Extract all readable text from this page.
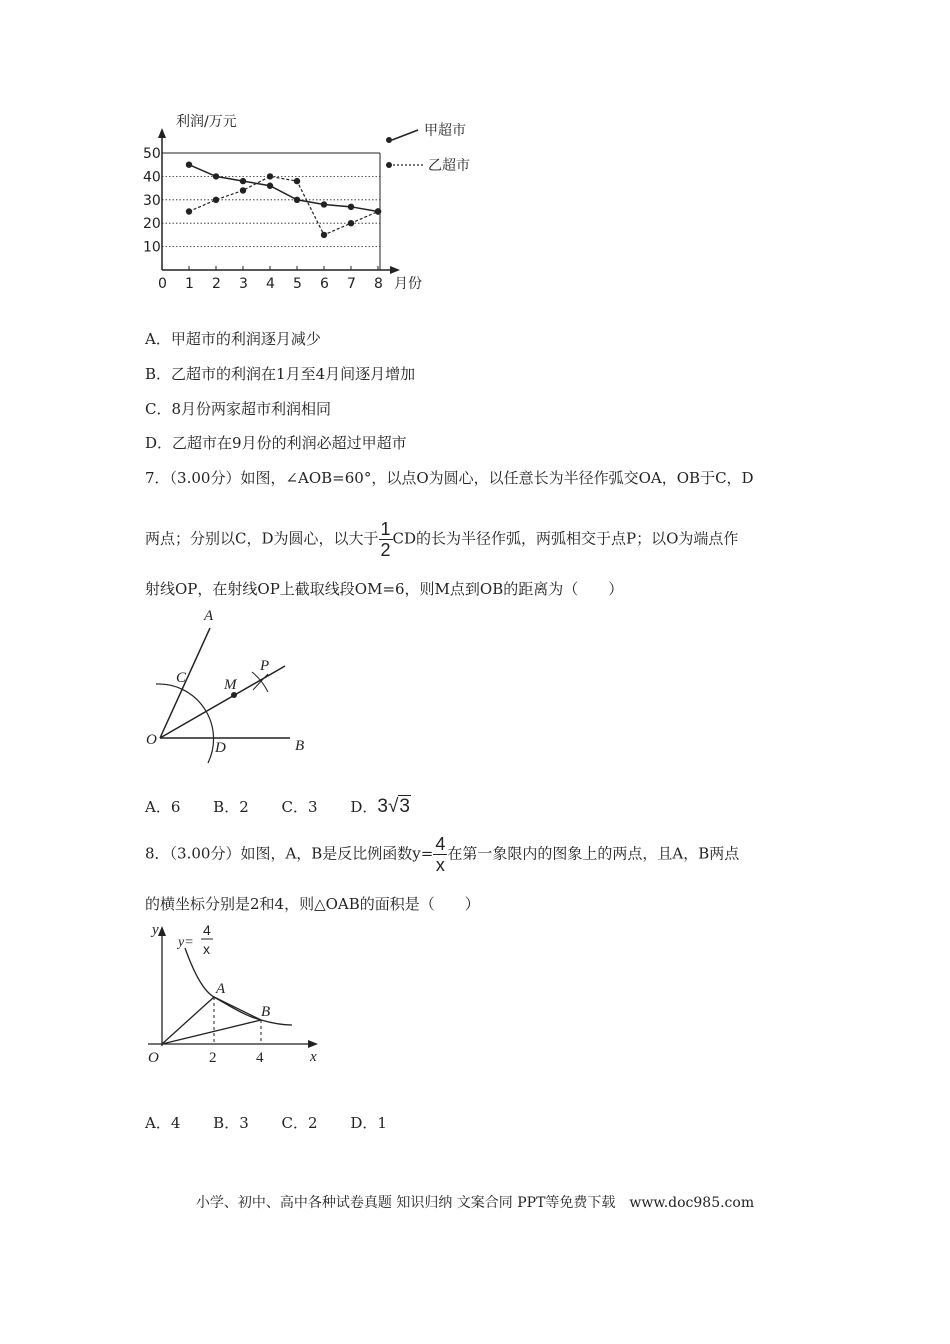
利润/万元
月份
10
20
30
40
50
0 1 2 3 4 5 6 7 8
甲超市
乙超市
A．甲超市的利润逐月减少
B．乙超市的利润在1月至4月间逐月增加
C．8月份两家超市利润相同
D．乙超市在9月份的利润必超过甲超市
7．（3.00分）如图，∠AOB=60°，以点O为圆心，以任意长为半径作弧交OA，OB于C，D
两点；分别以C，D为圆心，以大于 $\frac{1}{2}$ CD的长为半径作弧，两弧相交于点P；以O为端点作
射线OP，在射线OP上截取线段OM=6，则M点到OB的距离为（　　）
A
C	M
P
O	D	B
A．6 B．2 C．3 D．3√3
8．（3.00分）如图，A，B是反比例函数$y= \frac{4}{x}$ 在第一象限内的图象上的两点，且A，B两点
的横坐标分别是2和4，则△OAB的面积是（　　）
y
y=
4
x
A
B
O	2	4	x
A．4 B．3 C．2 D．1
小学、初中、高中各种试卷真题 知识归纳 文案合同 PPT等免费下载　www.doc985.com
